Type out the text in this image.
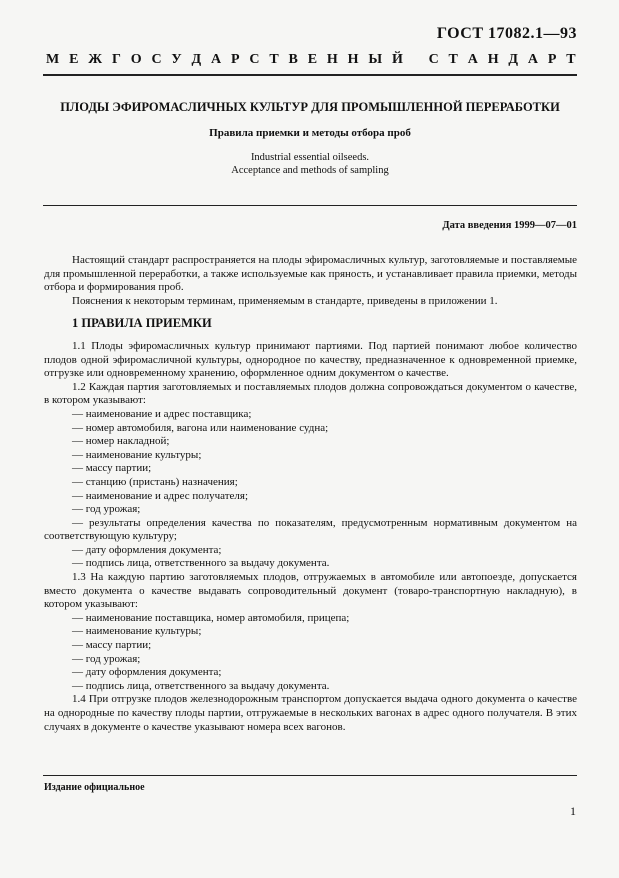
ГОСТ 17082.1—93
М Е Ж Г О С У Д А Р С Т В Е Н Н Ы Й С Т А Н Д А Р Т
ПЛОДЫ ЭФИРОМАСЛИЧНЫХ КУЛЬТУР ДЛЯ ПРОМЫШЛЕННОЙ ПЕРЕРАБОТКИ
Правила приемки и методы отбора проб
Industrial essential oilseeds.
Acceptance and methods of sampling
Дата введения 1999—07—01

Настоящий стандарт распространяется на плоды эфиромасличных культур, заготовляемые и поставляемые для промышленной переработки, а также используемые как пряность, и устанавливает правила приемки, методы отбора и формирования проб.

Пояснения к некоторым терминам, применяемым в стандарте, приведены в приложении 1.

1 ПРАВИЛА ПРИЕМКИ

1.1 Плоды эфиромасличных культур принимают партиями. Под партией понимают любое количество плодов одной эфиромасличной культуры, однородное по качеству, предназначенное к одновременной приемке, отгрузке или одновременному хранению, оформленное одним документом о качестве.

1.2 Каждая партия заготовляемых и поставляемых плодов должна сопровождаться документом о качестве, в котором указывают:

— наименование и адрес поставщика;

— номер автомобиля, вагона или наименование судна;

— номер накладной;

— наименование культуры;

— массу партии;

— станцию (пристань) назначения;

— наименование и адрес получателя;

— год урожая;

— результаты определения качества по показателям, предусмотренным нормативным документом на соответствующую культуру;

— дату оформления документа;

— подпись лица, ответственного за выдачу документа.

1.3 На каждую партию заготовляемых плодов, отгружаемых в автомобиле или автопоезде, допускается вместо документа о качестве выдавать сопроводительный документ (товаро-транспортную накладную), в котором указывают:

— наименование поставщика, номер автомобиля, прицепа;

— наименование культуры;

— массу партии;

— год урожая;

— дату оформления документа;

— подпись лица, ответственного за выдачу документа.

1.4 При отгрузке плодов железнодорожным транспортом допускается выдача одного документа о качестве на однородные по качеству плоды партии, отгружаемые в нескольких вагонах в адрес одного получателя. В этих случаях в документе о качестве указывают номера всех вагонов.

Издание официальное
1
